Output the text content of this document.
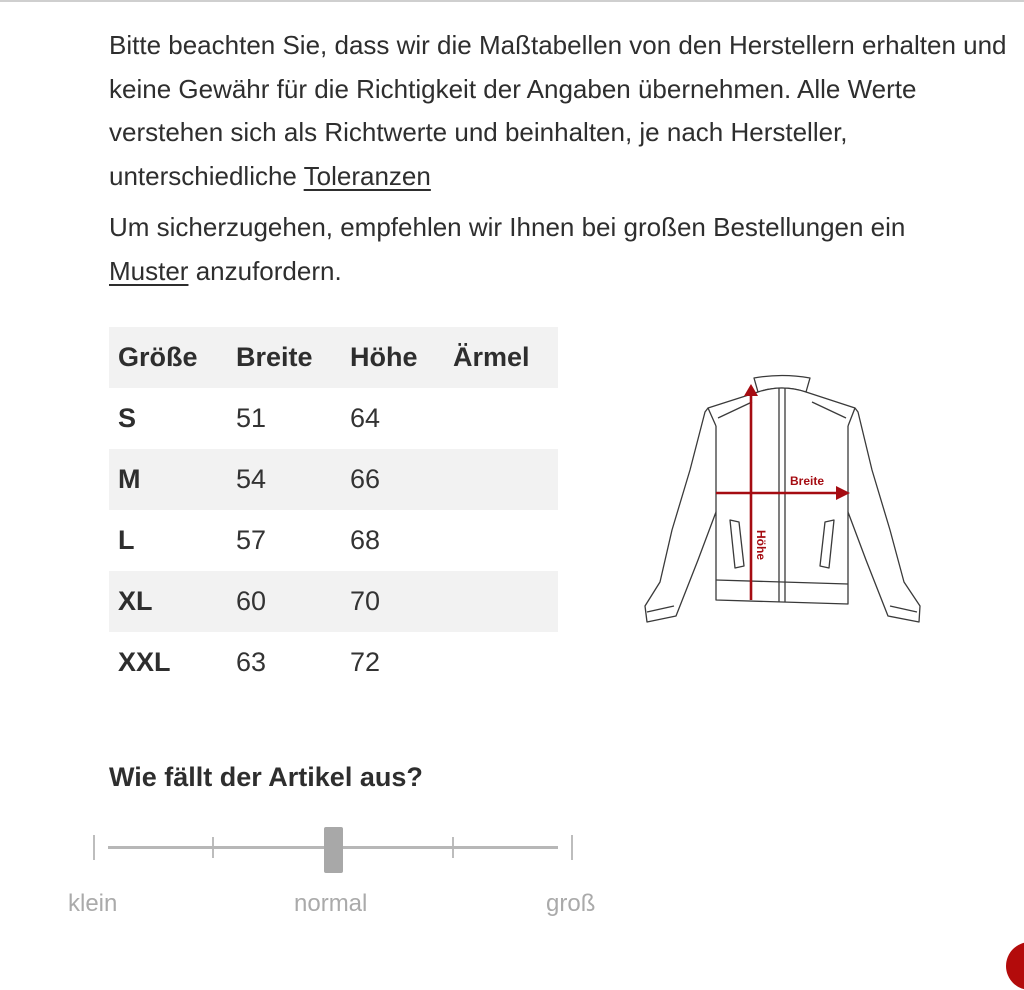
Bitte beachten Sie, dass wir die Maßtabellen von den Herstellern erhalten und keine Gewähr für die Richtigkeit der Angaben übernehmen. Alle Werte verstehen sich als Richtwerte und beinhalten, je nach Hersteller, unterschiedliche Toleranzen

Um sicherzugehen, empfehlen wir Ihnen bei großen Bestellungen ein
Muster anzufordern.

Größe	Breite	Höhe	Ärmel
S	51	64	
M	54	66	
L	57	68	
XL	60	70	
XXL	63	72	
Breite
Höhe
Wie fällt der Artikel aus?
klein	normal	groß
